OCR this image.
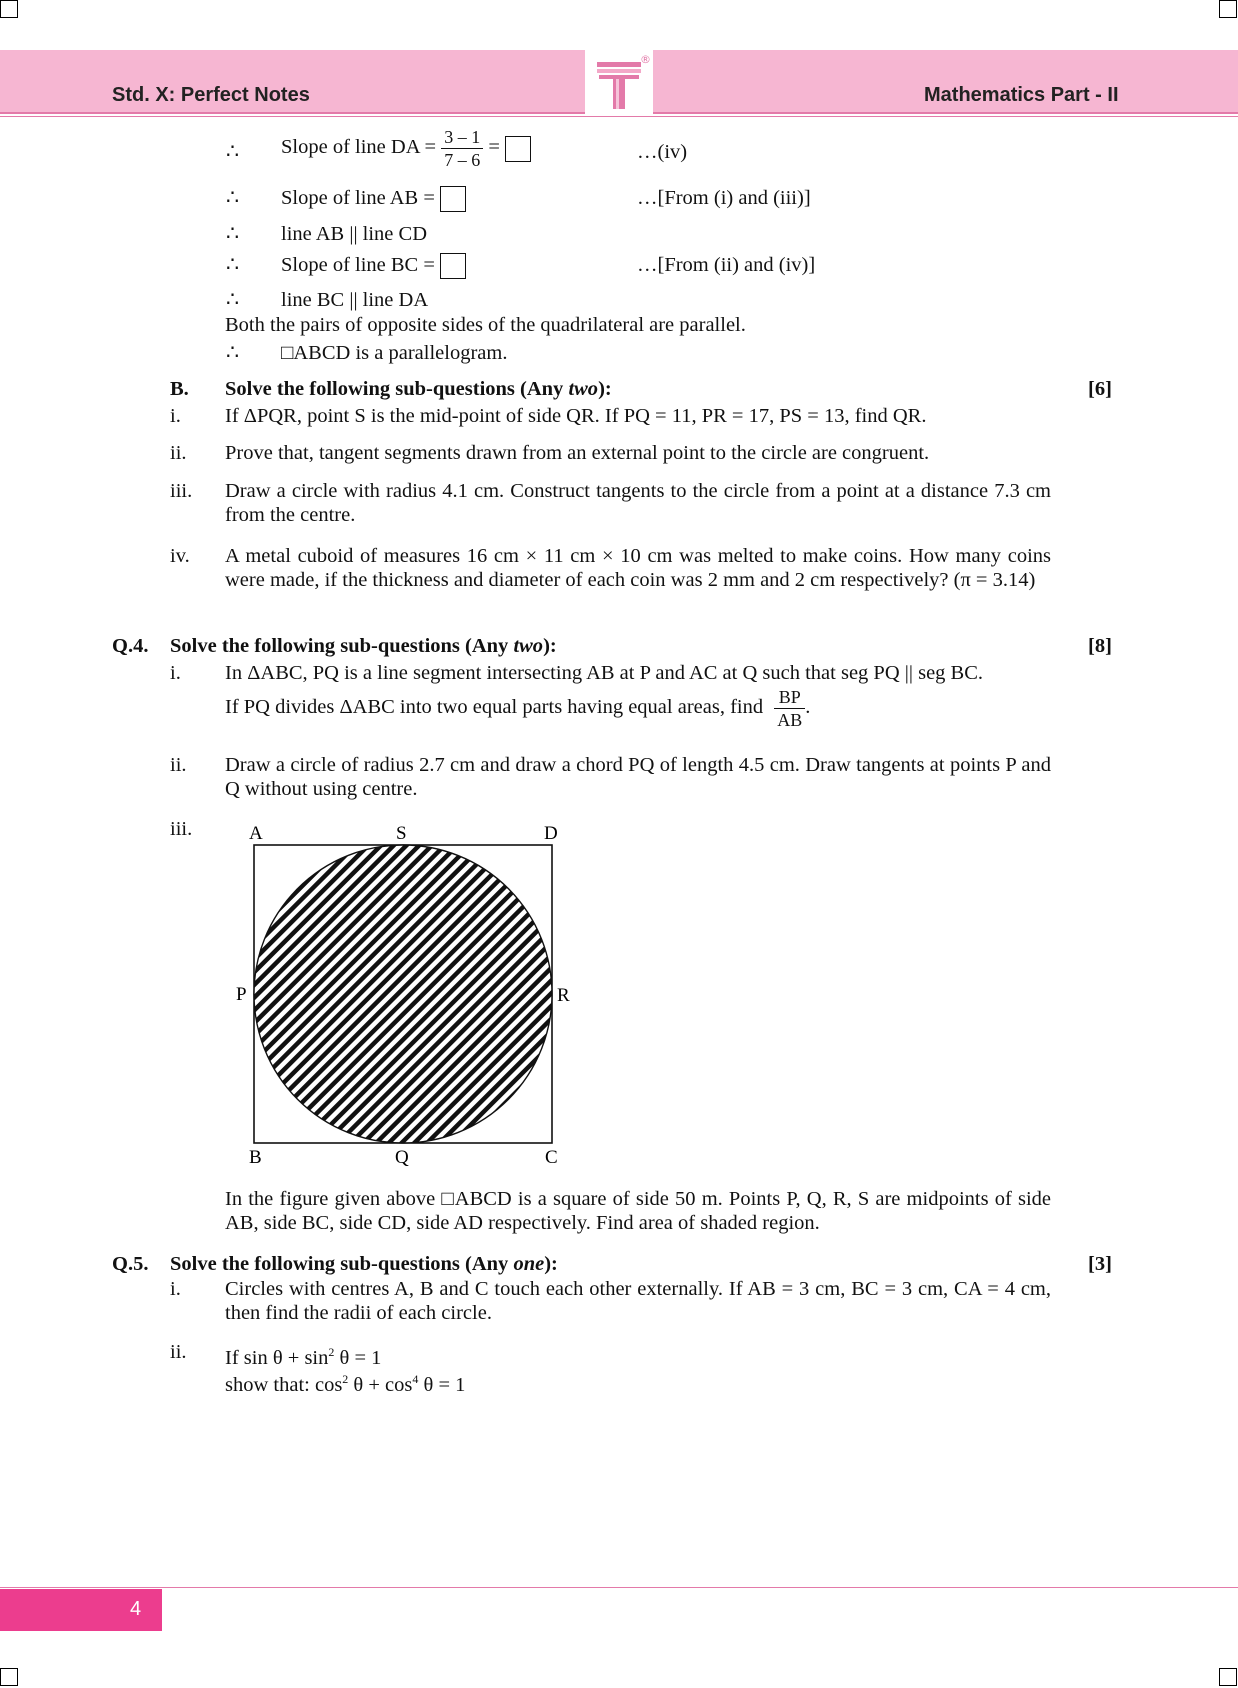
®
Std. X: Perfect Notes	Mathematics Part - II
∴ Slope of line DA = $\frac{3 - 1}{7 - 6}$ =	…(iv)
∴ Slope of line AB =	…[From (i) and (iii)]
∴ line AB || line CD
∴ Slope of line BC =	…[From (ii) and (iv)]
∴ line BC || line DA
Both the pairs of opposite sides of the quadrilateral are parallel.
∴ □ABCD is a parallelogram.
B. Solve the following sub-questions (Any two):	[6]
i. If ΔPQR, point S is the mid-point of side QR. If PQ = 11, PR = 17, PS = 13, find QR.
ii. Prove that, tangent segments drawn from an external point to the circle are congruent.
iii. Draw a circle with radius 4.1 cm. Construct tangents to the circle from a point at a distance 7.3 cm from the centre.
iv. A metal cuboid of measures 16 cm × 11 cm × 10 cm was melted to make coins. How many coins were made, if the thickness and diameter of each coin was 2 mm and 2 cm respectively? (π = 3.14)
Q.4. Solve the following sub-questions (Any two):	[8]
i. In ΔABC, PQ is a line segment intersecting AB at P and AC at Q such that seg PQ || seg BC.
If PQ divides ΔABC into two equal parts having equal areas, find $\frac{BP}{AB}$ .
ii. Draw a circle of radius 2.7 cm and draw a chord PQ of length 4.5 cm. Draw tangents at points P and Q without using centre.
iii.	A	S	D
P	R
B	Q	C
In the figure given above □ABCD is a square of side 50 m. Points P, Q, R, S are midpoints of side AB, side BC, side CD, side AD respectively. Find area of shaded region.
Q.5. Solve the following sub-questions (Any one):	[3]
i. Circles with centres A, B and C touch each other externally. If AB = 3 cm, BC = 3 cm, CA = 4 cm, then find the radii of each circle.
ii. If $\sin \theta + \sin^2 \theta = 1$
show that: $\cos^2 \theta + \cos^4 \theta = 1$
4
